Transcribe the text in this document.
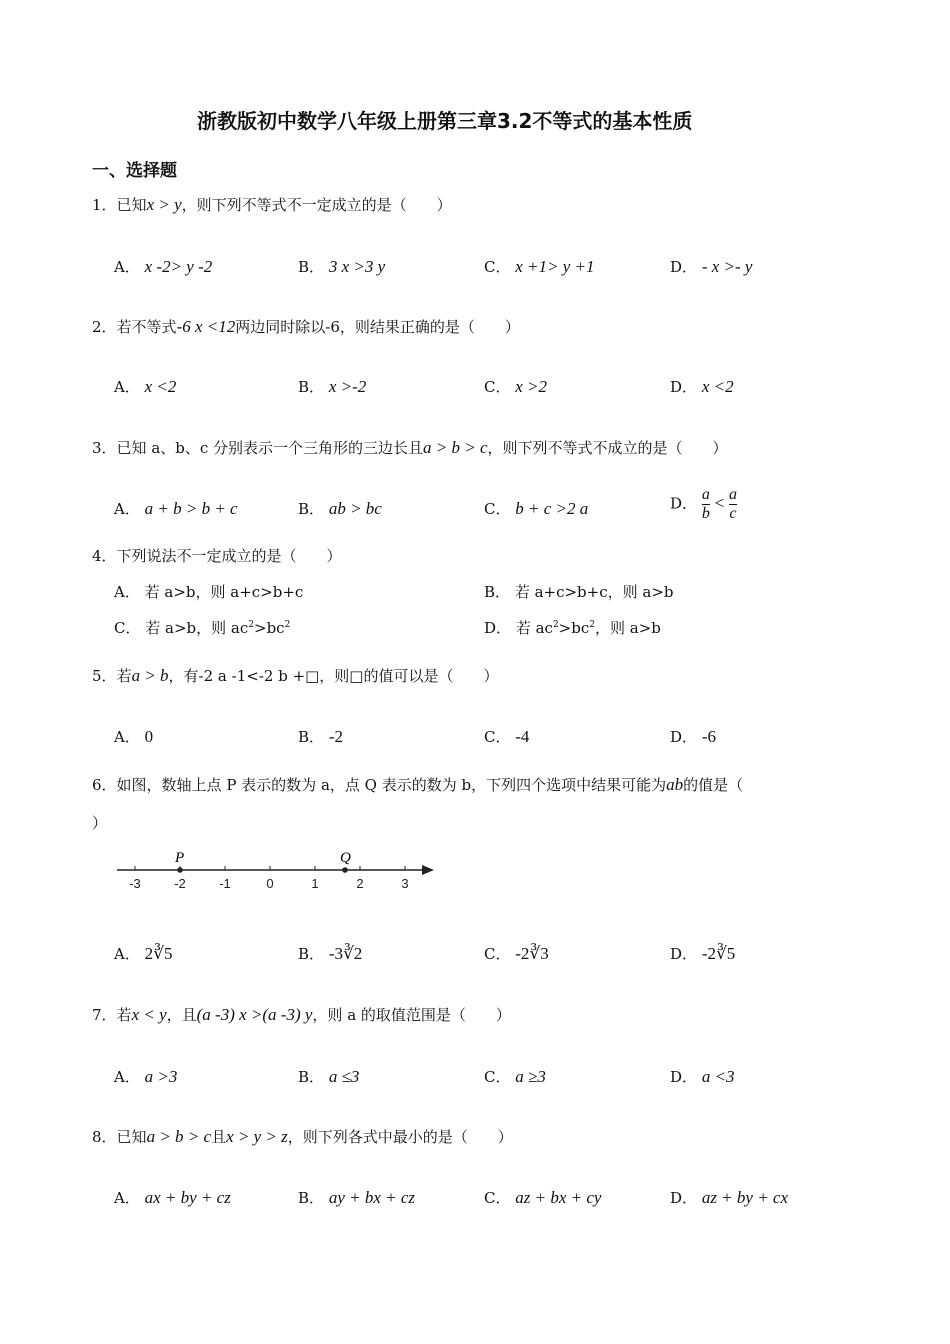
浙教版初中数学八年级上册第三章3.2不等式的基本性质
一、选择题
1．已知x > y，则下列不等式不一定成立的是（　　）
A． x -2> y -2	B． 3 x >3 y	C． x +1> y +1	D． - x >- y
2．若不等式-6 x <12两边同时除以-6，则结果正确的是（　　）
A． x <2	B． x >-2	C． x >2	D． x <2
3．已知 a、b、c 分别表示一个三角形的三边长且a > b > c，则下列不等式不成立的是（　　）
A． a + b > b + c	B． ab > bc	C． b + c >2 a	D． $\frac{a}{b} < \frac{a}{c}$
4．下列说法不一定成立的是（　　）
A． 若 a>b，则 a+c>b+c	B． 若 a+c>b+c，则 a>b
C． 若 a>b，则 $ac^2>bc^2$	D． 若 $ac^2>bc^2$，则 a>b
5．若a > b，有-2 a -1<-2 b +□，则□的值可以是（　　）
A． 0	B． -2	C． -4	D． -6
6．如图，数轴上点 P 表示的数为 a，点 Q 表示的数为 b，下列四个选项中结果可能为ab的值是（
）
-3	-2	-1	0	1	2	3
P	Q
A． 2∛5	B． -3∛2	C． -2∛3	D． -2∛5
7．若x < y，且(a -3) x >(a -3) y，则 a 的取值范围是（　　）
A． a >3	B． a ≤3	C． a ≥3	D． a <3
8．已知a > b > c且x > y > z，则下列各式中最小的是（　　）
A． ax + by + cz	B． ay + bx + cz	C． az + bx + cy	D． az + by + cx
